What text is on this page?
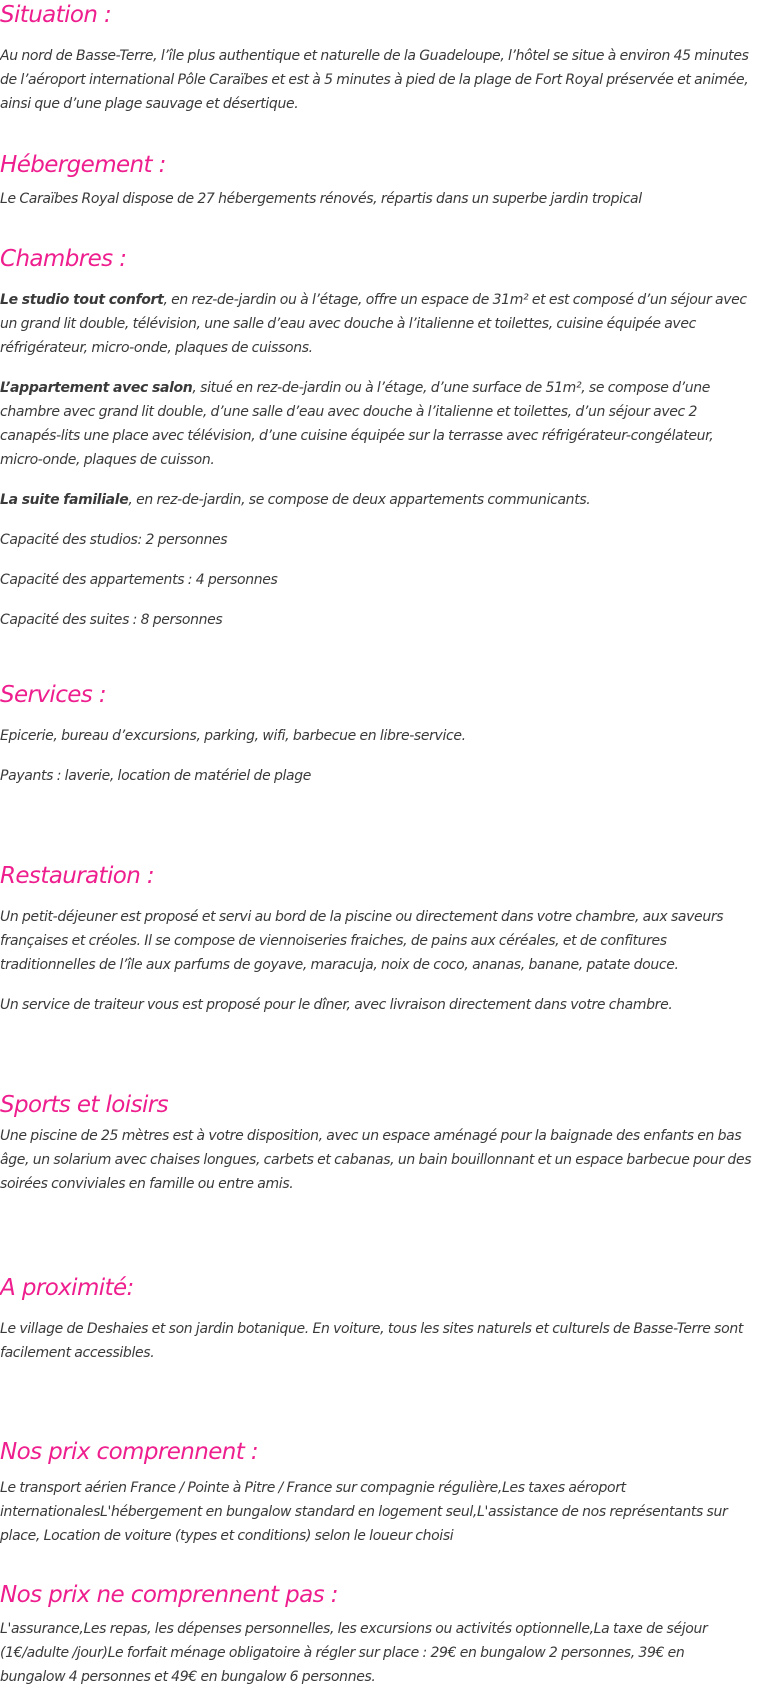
Situation :

Au nord de Basse-Terre, l’île plus authentique et naturelle de la Guadeloupe, l’hôtel se situe à environ 45 minutes de l’aéroport international Pôle Caraïbes et est à 5 minutes à pied de la plage de Fort Royal préservée et animée, ainsi que d’une plage sauvage et désertique.

Hébergement :

Le Caraïbes Royal dispose de 27 hébergements rénovés, répartis dans un superbe jardin tropical

Chambres :

Le studio tout confort, en rez-de-jardin ou à l’étage, offre un espace de 31m² et est composé d’un séjour avec un grand lit double, télévision, une salle d’eau avec douche à l’italienne et toilettes, cuisine équipée avec réfrigérateur, micro-onde, plaques de cuissons.

L’appartement avec salon, situé en rez-de-jardin ou à l’étage, d’une surface de 51m², se compose d’une chambre avec grand lit double, d’une salle d’eau avec douche à l’italienne et toilettes, d’un séjour avec 2 canapés-lits une place avec télévision, d’une cuisine équipée sur la terrasse avec réfrigérateur-congélateur, micro-onde, plaques de cuisson.

La suite familiale, en rez-de-jardin, se compose de deux appartements communicants.

Capacité des studios: 2 personnes

Capacité des appartements : 4 personnes

Capacité des suites : 8 personnes

Services :

Epicerie, bureau d’excursions, parking, wifi, barbecue en libre-service.

Payants : laverie, location de matériel de plage

Restauration :

Un petit-déjeuner est proposé et servi au bord de la piscine ou directement dans votre chambre, aux saveurs françaises et créoles. Il se compose de viennoiseries fraiches, de pains aux céréales, et de confitures traditionnelles de l’île aux parfums de goyave, maracuja, noix de coco, ananas, banane, patate douce.

Un service de traiteur vous est proposé pour le dîner, avec livraison directement dans votre chambre.

Sports et loisirs

Une piscine de 25 mètres est à votre disposition, avec un espace aménagé pour la baignade des enfants en bas âge, un solarium avec chaises longues, carbets et cabanas, un bain bouillonnant et un espace barbecue pour des soirées conviviales en famille ou entre amis.

A proximité:

Le village de Deshaies et son jardin botanique. En voiture, tous les sites naturels et culturels de Basse-Terre sont facilement accessibles.

Nos prix comprennent :

Le transport aérien France / Pointe à Pitre / France sur compagnie régulière,Les taxes aéroport internationalesL'hébergement en bungalow standard en logement seul,L'assistance de nos représentants sur place, Location de voiture (types et conditions) selon le loueur choisi

Nos prix ne comprennent pas :

L'assurance,Les repas, les dépenses personnelles, les excursions ou activités optionnelle,La taxe de séjour (1€/adulte /jour)Le forfait ménage obligatoire à régler sur place : 29€ en bungalow 2 personnes, 39€ en bungalow 4 personnes et 49€ en bungalow 6 personnes.
